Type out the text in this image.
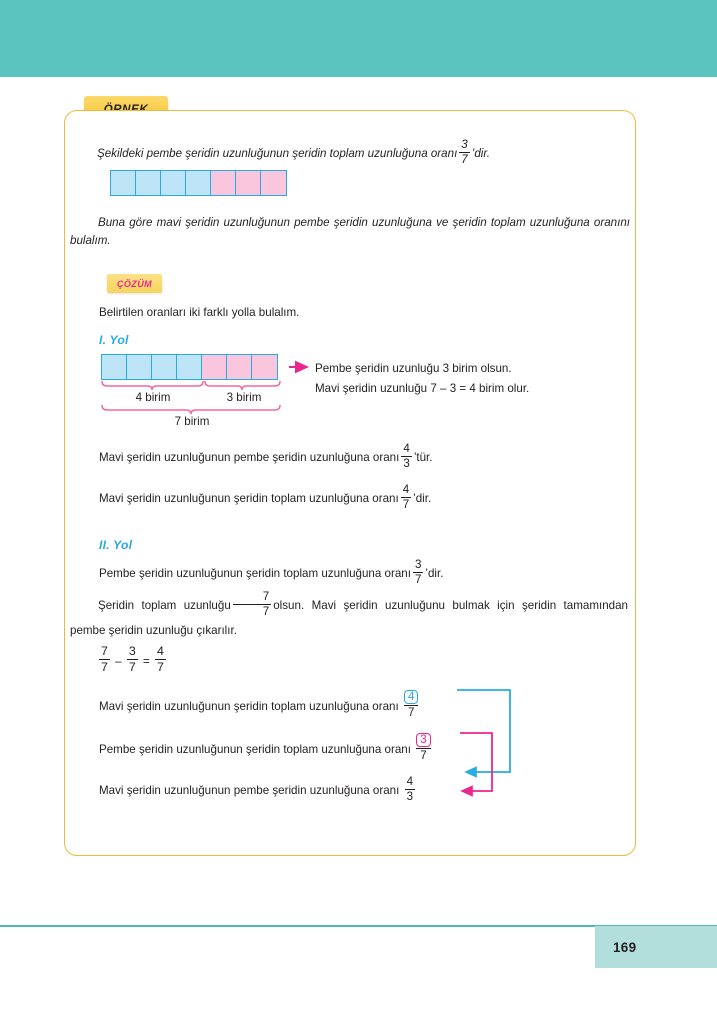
Şekildeki pembe şeridin uzunluğunun şeridin toplam uzunluğuna oranı $\frac{3}{7}$ ’dir.
Buna göre mavi şeridin uzunluğunun pembe şeridin uzunluğuna ve şeridin toplam uzunluğuna oranını bulalım.
ÇÖZÜM
Belirtilen oranları iki farklı yolla bulalım.
I. Yol
4 birim	3 birim
7 birim
Pembe şeridin uzunluğu 3 birim olsun.
Mavi şeridin uzunluğu 7 – 3 = 4 birim olur.
Mavi şeridin uzunluğunun pembe şeridin uzunluğuna oranı $\frac{4}{3}$ ’tür.
Mavi şeridin uzunluğunun şeridin toplam uzunluğuna oranı $\frac{4}{7}$ ’dir.
II. Yol
Pembe şeridin uzunluğunun şeridin toplam uzunluğuna oranı $\frac{3}{7}$ ’dir.
Şeridin toplam uzunluğu $\frac{7}{7}$ olsun. Mavi şeridin uzunluğunu bulmak için şeridin tamamından pembe şeridin uzunluğu çıkarılır.
$\frac{7}{7} - \frac{3}{7} = \frac{4}{7}$
Mavi şeridin uzunluğunun şeridin toplam uzunluğuna oranı $\frac{4}{7}$
Pembe şeridin uzunluğunun şeridin toplam uzunluğuna oranı $\frac{3}{7}$
Mavi şeridin uzunluğunun pembe şeridin uzunluğuna oranı $\frac{4}{3}$
169
